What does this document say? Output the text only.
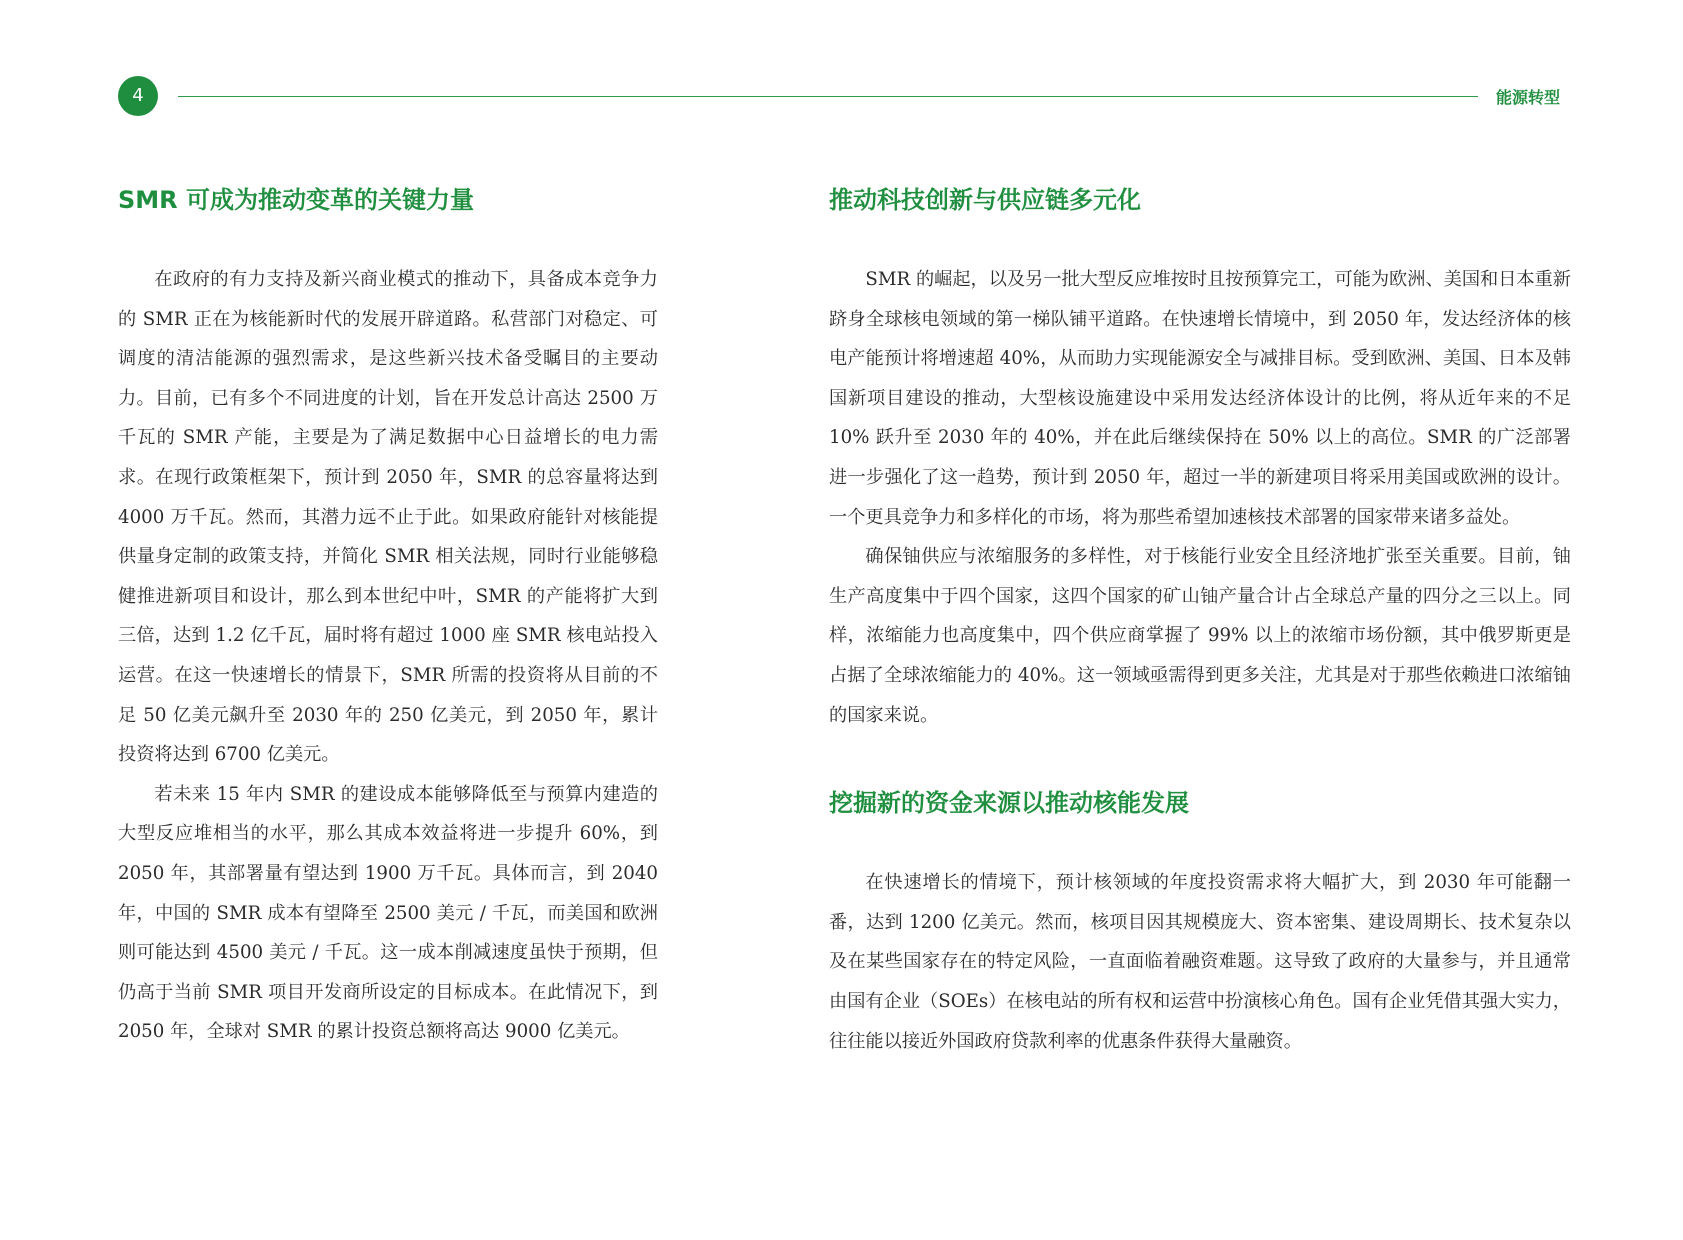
4	能源转型
SMR 可成为推动变革的关键力量

在政府的有力支持及新兴商业模式的推动下，具备成本竞争力的 SMR 正在为核能新时代的发展开辟道路。私营部门对稳定、可调度的清洁能源的强烈需求，是这些新兴技术备受瞩目的主要动力。目前，已有多个不同进度的计划，旨在开发总计高达 2500 万千瓦的 SMR 产能，主要是为了满足数据中心日益增长的电力需求。在现行政策框架下，预计到 2050 年，SMR 的总容量将达到 4000 万千瓦。然而，其潜力远不止于此。如果政府能针对核能提供量身定制的政策支持，并简化 SMR 相关法规，同时行业能够稳健推进新项目和设计，那么到本世纪中叶，SMR 的产能将扩大到三倍，达到 1.2 亿千瓦，届时将有超过 1000 座 SMR 核电站投入运营。在这一快速增长的情景下，SMR 所需的投资将从目前的不足 50 亿美元飙升至 2030 年的 250 亿美元，到 2050 年，累计投资将达到 6700 亿美元。

若未来 15 年内 SMR 的建设成本能够降低至与预算内建造的大型反应堆相当的水平，那么其成本效益将进一步提升 60%，到 2050 年，其部署量有望达到 1900 万千瓦。具体而言，到 2040 年，中国的 SMR 成本有望降至 2500 美元 / 千瓦，而美国和欧洲则可能达到 4500 美元 / 千瓦。这一成本削减速度虽快于预期，但仍高于当前 SMR 项目开发商所设定的目标成本。在此情况下，到 2050 年，全球对 SMR 的累计投资总额将高达 9000 亿美元。

推动科技创新与供应链多元化

SMR 的崛起，以及另一批大型反应堆按时且按预算完工，可能为欧洲、美国和日本重新跻身全球核电领域的第一梯队铺平道路。在快速增长情境中，到 2050 年，发达经济体的核电产能预计将增速超 40%，从而助力实现能源安全与减排目标。受到欧洲、美国、日本及韩国新项目建设的推动，大型核设施建设中采用发达经济体设计的比例，将从近年来的不足 10% 跃升至 2030 年的 40%，并在此后继续保持在 50% 以上的高位。SMR 的广泛部署进一步强化了这一趋势，预计到 2050 年，超过一半的新建项目将采用美国或欧洲的设计。一个更具竞争力和多样化的市场，将为那些希望加速核技术部署的国家带来诸多益处。

确保铀供应与浓缩服务的多样性，对于核能行业安全且经济地扩张至关重要。目前，铀生产高度集中于四个国家，这四个国家的矿山铀产量合计占全球总产量的四分之三以上。同样，浓缩能力也高度集中，四个供应商掌握了 99% 以上的浓缩市场份额，其中俄罗斯更是占据了全球浓缩能力的 40%。这一领域亟需得到更多关注，尤其是对于那些依赖进口浓缩铀的国家来说。

挖掘新的资金来源以推动核能发展

在快速增长的情境下，预计核领域的年度投资需求将大幅扩大，到 2030 年可能翻一番，达到 1200 亿美元。然而，核项目因其规模庞大、资本密集、建设周期长、技术复杂以及在某些国家存在的特定风险，一直面临着融资难题。这导致了政府的大量参与，并且通常由国有企业（SOEs）在核电站的所有权和运营中扮演核心角色。国有企业凭借其强大实力，往往能以接近外国政府贷款利率的优惠条件获得大量融资。
